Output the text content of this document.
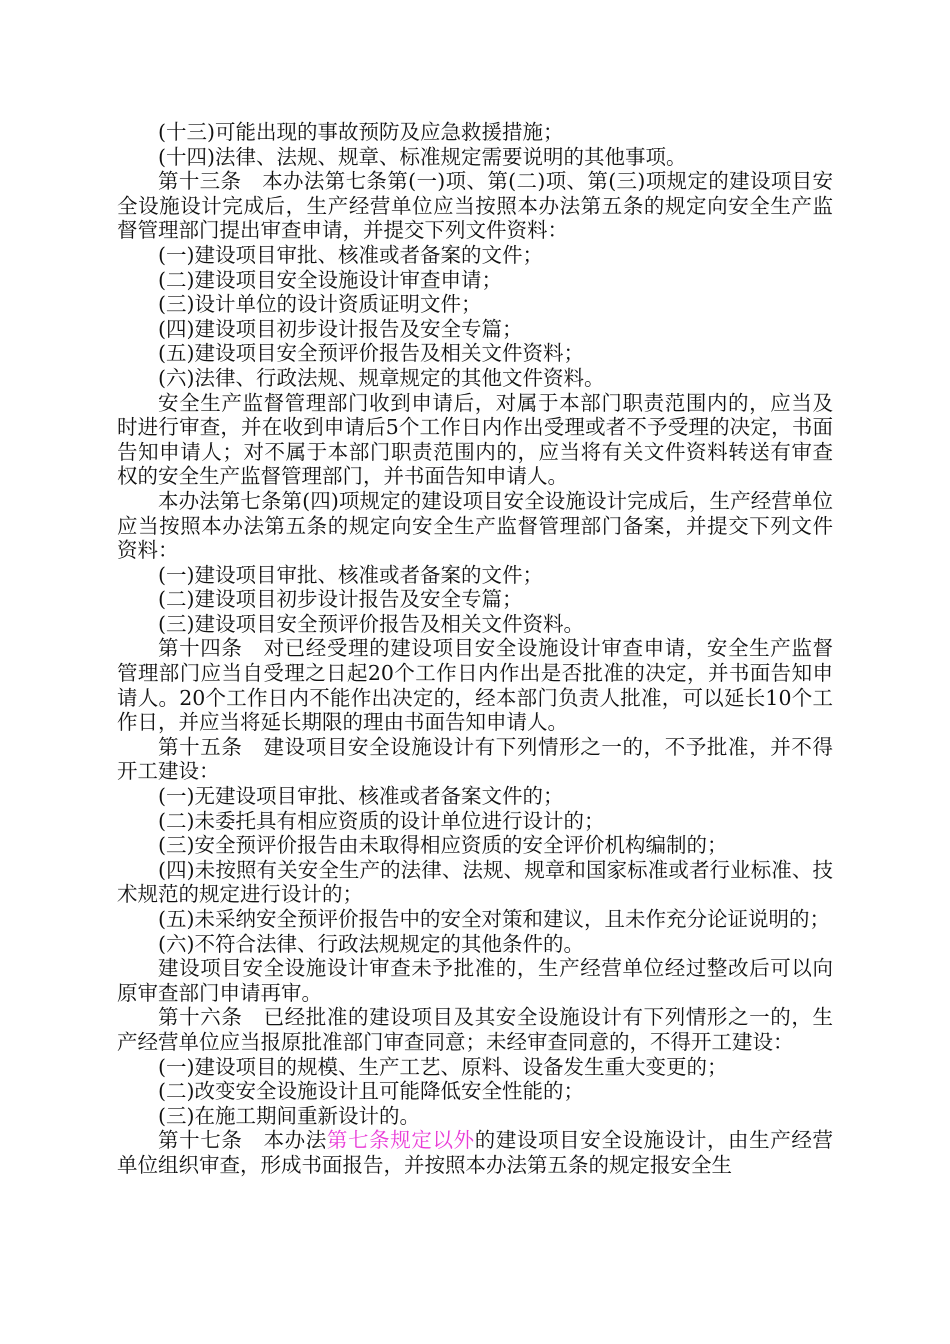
(十三)可能出现的事故预防及应急救援措施；

(十四)法律、法规、规章、标准规定需要说明的其他事项。

第十三条　本办法第七条第(一)项、第(二)项、第(三)项规定的建设项目安全设施设计完成后，生产经营单位应当按照本办法第五条的规定向安全生产监督管理部门提出审查申请，并提交下列文件资料：

(一)建设项目审批、核准或者备案的文件；

(二)建设项目安全设施设计审查申请；

(三)设计单位的设计资质证明文件；

(四)建设项目初步设计报告及安全专篇；

(五)建设项目安全预评价报告及相关文件资料；

(六)法律、行政法规、规章规定的其他文件资料。

安全生产监督管理部门收到申请后，对属于本部门职责范围内的，应当及时进行审查，并在收到申请后5个工作日内作出受理或者不予受理的决定，书面告知申请人；对不属于本部门职责范围内的，应当将有关文件资料转送有审查权的安全生产监督管理部门，并书面告知申请人。

本办法第七条第(四)项规定的建设项目安全设施设计完成后，生产经营单位应当按照本办法第五条的规定向安全生产监督管理部门备案，并提交下列文件资料：

(一)建设项目审批、核准或者备案的文件；

(二)建设项目初步设计报告及安全专篇；

(三)建设项目安全预评价报告及相关文件资料。

第十四条　对已经受理的建设项目安全设施设计审查申请，安全生产监督管理部门应当自受理之日起20个工作日内作出是否批准的决定，并书面告知申请人。20个工作日内不能作出决定的，经本部门负责人批准，可以延长10个工作日，并应当将延长期限的理由书面告知申请人。

第十五条　建设项目安全设施设计有下列情形之一的，不予批准，并不得开工建设：

(一)无建设项目审批、核准或者备案文件的；

(二)未委托具有相应资质的设计单位进行设计的；

(三)安全预评价报告由未取得相应资质的安全评价机构编制的；

(四)未按照有关安全生产的法律、法规、规章和国家标准或者行业标准、技术规范的规定进行设计的；

(五)未采纳安全预评价报告中的安全对策和建议，且未作充分论证说明的；

(六)不符合法律、行政法规规定的其他条件的。

建设项目安全设施设计审查未予批准的，生产经营单位经过整改后可以向原审查部门申请再审。

第十六条　已经批准的建设项目及其安全设施设计有下列情形之一的，生产经营单位应当报原批准部门审查同意；未经审查同意的，不得开工建设：

(一)建设项目的规模、生产工艺、原料、设备发生重大变更的；

(二)改变安全设施设计且可能降低安全性能的；

(三)在施工期间重新设计的。

第十七条　本办法第七条规定以外的建设项目安全设施设计，由生产经营单位组织审查，形成书面报告，并按照本办法第五条的规定报安全生
